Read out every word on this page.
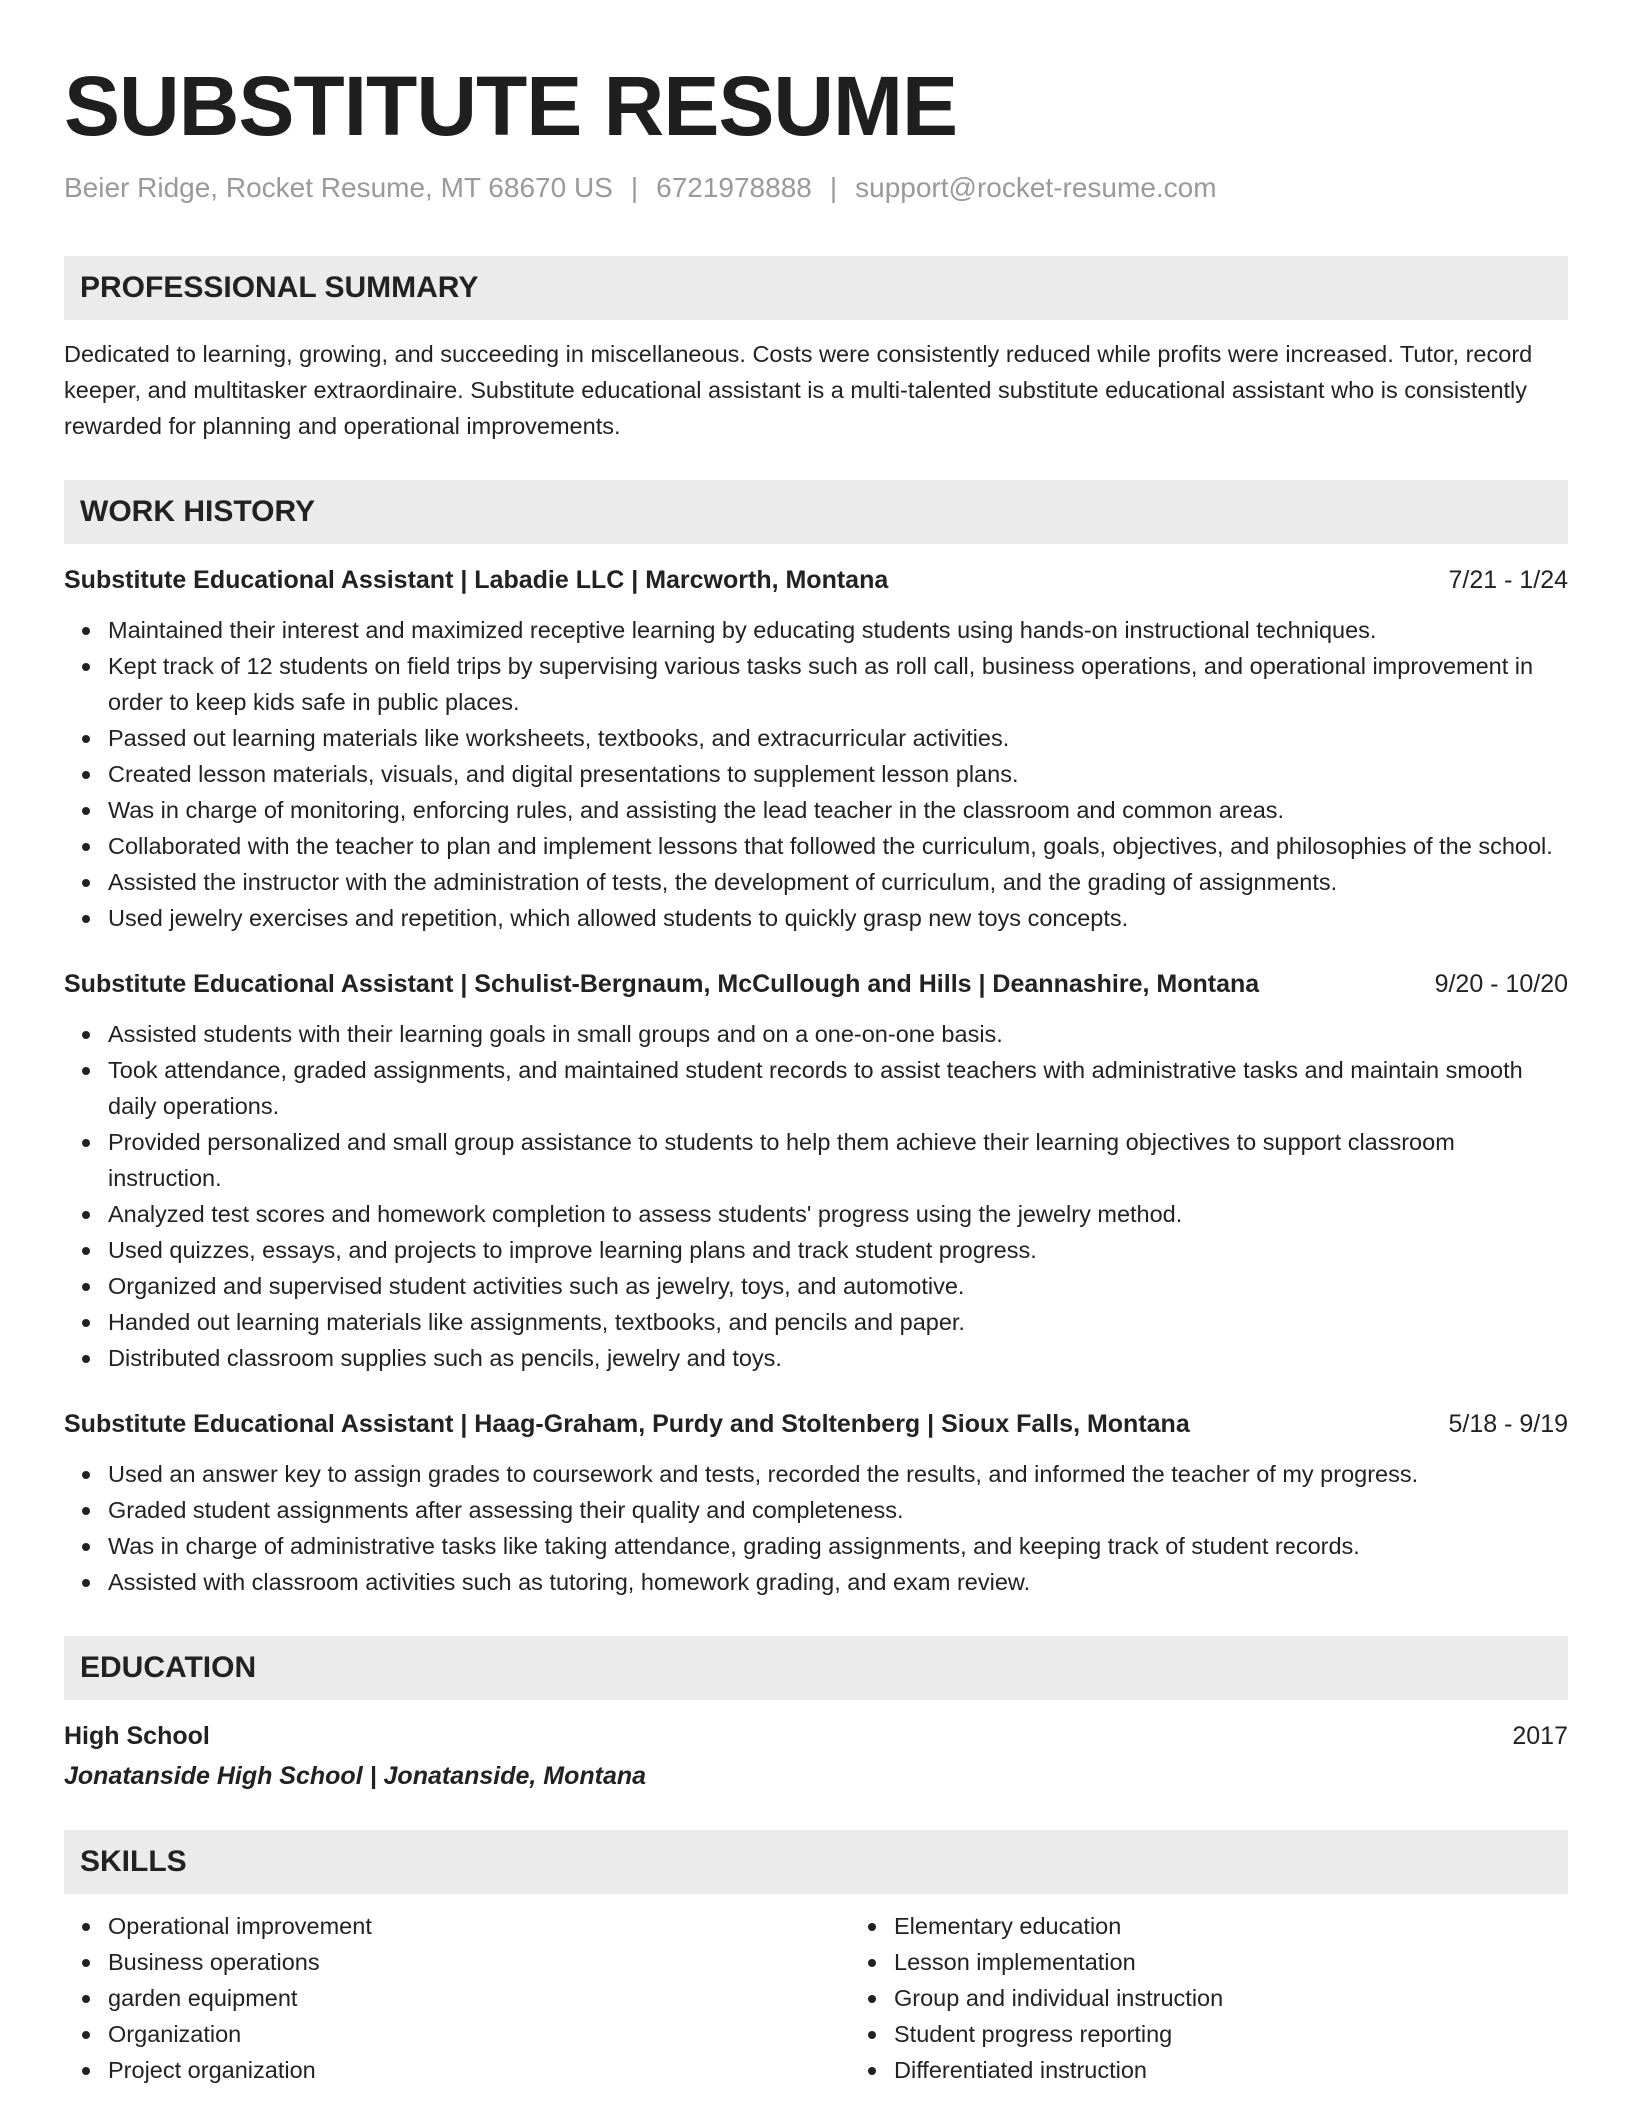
SUBSTITUTE RESUME
Beier Ridge, Rocket Resume, MT 68670 US | 6721978888 | support@rocket-resume.com
PROFESSIONAL SUMMARY
Dedicated to learning, growing, and succeeding in miscellaneous. Costs were consistently reduced while profits were increased. Tutor, record keeper, and multitasker extraordinaire. Substitute educational assistant is a multi-talented substitute educational assistant who is consistently rewarded for planning and operational improvements.
WORK HISTORY
Substitute Educational Assistant | Labadie LLC | Marcworth, Montana	7/21 - 1/24
Maintained their interest and maximized receptive learning by educating students using hands-on instructional techniques.
Kept track of 12 students on field trips by supervising various tasks such as roll call, business operations, and operational improvement in order to keep kids safe in public places.
Passed out learning materials like worksheets, textbooks, and extracurricular activities.
Created lesson materials, visuals, and digital presentations to supplement lesson plans.
Was in charge of monitoring, enforcing rules, and assisting the lead teacher in the classroom and common areas.
Collaborated with the teacher to plan and implement lessons that followed the curriculum, goals, objectives, and philosophies of the school.
Assisted the instructor with the administration of tests, the development of curriculum, and the grading of assignments.
Used jewelry exercises and repetition, which allowed students to quickly grasp new toys concepts.
Substitute Educational Assistant | Schulist-Bergnaum, McCullough and Hills | Deannashire, Montana	9/20 - 10/20
Assisted students with their learning goals in small groups and on a one-on-one basis.
Took attendance, graded assignments, and maintained student records to assist teachers with administrative tasks and maintain smooth daily operations.
Provided personalized and small group assistance to students to help them achieve their learning objectives to support classroom instruction.
Analyzed test scores and homework completion to assess students' progress using the jewelry method.
Used quizzes, essays, and projects to improve learning plans and track student progress.
Organized and supervised student activities such as jewelry, toys, and automotive.
Handed out learning materials like assignments, textbooks, and pencils and paper.
Distributed classroom supplies such as pencils, jewelry and toys.
Substitute Educational Assistant | Haag-Graham, Purdy and Stoltenberg | Sioux Falls, Montana	5/18 - 9/19
Used an answer key to assign grades to coursework and tests, recorded the results, and informed the teacher of my progress.
Graded student assignments after assessing their quality and completeness.
Was in charge of administrative tasks like taking attendance, grading assignments, and keeping track of student records.
Assisted with classroom activities such as tutoring, homework grading, and exam review.
EDUCATION
High School	2017
Jonatanside High School | Jonatanside, Montana
SKILLS
Operational improvement
Business operations
garden equipment
Organization
Project organization
Elementary education
Lesson implementation
Group and individual instruction
Student progress reporting
Differentiated instruction
